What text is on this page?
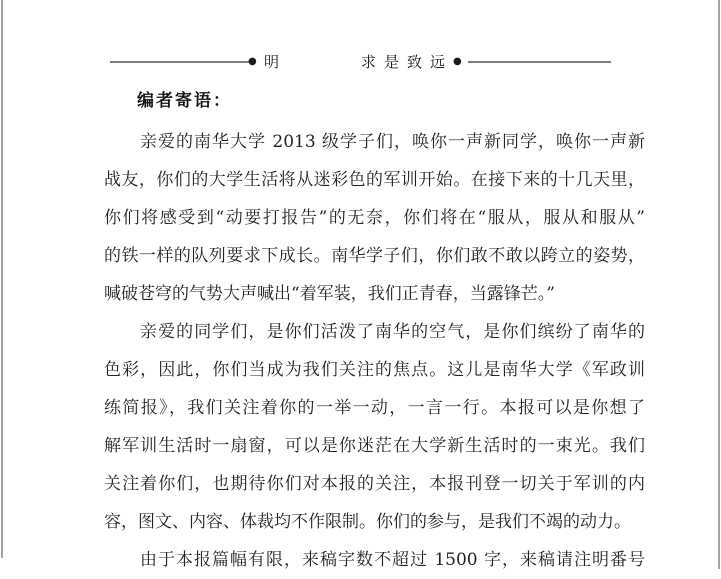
● 明	求是致远 ●
编者寄语：
亲爱的南华大学 2013 级学子们，唤你一声新同学，唤你一声新
战友，你们的大学生活将从迷彩色的军训开始。在接下来的十几天里，
你们将感受到“动要打报告”的无奈，你们将在“服从，服从和服从”
的铁一样的队列要求下成长。南华学子们，你们敢不敢以跨立的姿势，
喊破苍穹的气势大声喊出“着军装，我们正青春，当露锋芒。”
亲爱的同学们，是你们活泼了南华的空气，是你们缤纷了南华的
色彩，因此，你们当成为我们关注的焦点。这儿是南华大学《军政训
练简报》，我们关注着你的一举一动，一言一行。本报可以是你想了
解军训生活时一扇窗，可以是你迷茫在大学新生活时的一束光。我们
关注着你们，也期待你们对本报的关注，本报刊登一切关于军训的内
容，图文、内容、体裁均不作限制。你们的参与，是我们不竭的动力。
由于本报篇幅有限，来稿字数不超过 1500 字，来稿请注明番号
